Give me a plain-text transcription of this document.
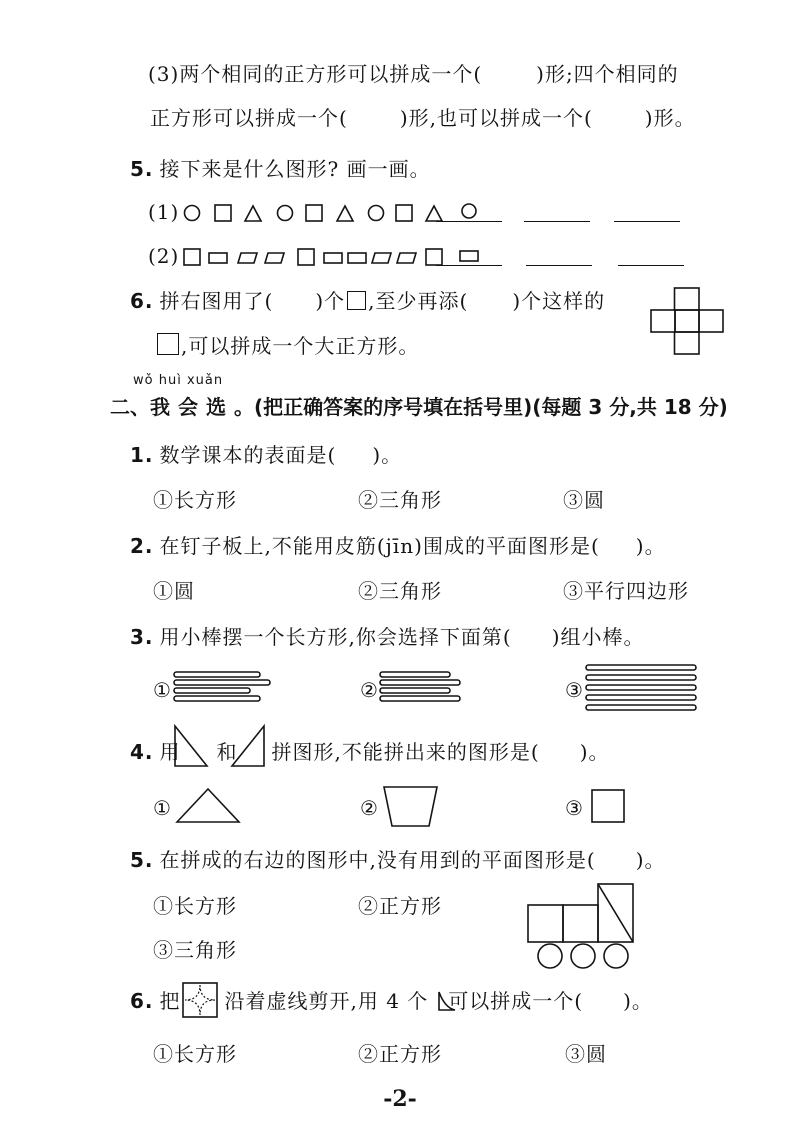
(3)两个相同的正方形可以拼成一个(	)形;四个相同的
正方形可以拼成一个(	)形,也可以拼成一个(	)形。
5. 接下来是什么图形? 画一画。
(1)
(2)
6. 拼右图用了( )个 ,至少再添( )个这样的
,可以拼成一个大正方形。
wǒ huì xuǎn
二、我会选。(把正确答案的序号填在括号里)(每题 3 分,共 18 分)
1. 数学课本的表面是( )。
①长方形	②三角形	③圆
2. 在钉子板上,不能用皮筋(jīn)围成的平面图形是( )。
①圆	②三角形	③平行四边形
3. 用小棒摆一个长方形,你会选择下面第( )组小棒。
①	②	③
4. 用 和 拼图形,不能拼出来的图形是( )。
①	②	③
5. 在拼成的右边的图形中,没有用到的平面图形是( )。
①长方形	②正方形
③三角形
6. 把 沿着虚线剪开,用 4 个 可以拼成一个( )。
①长方形	②正方形	③圆
-2-
